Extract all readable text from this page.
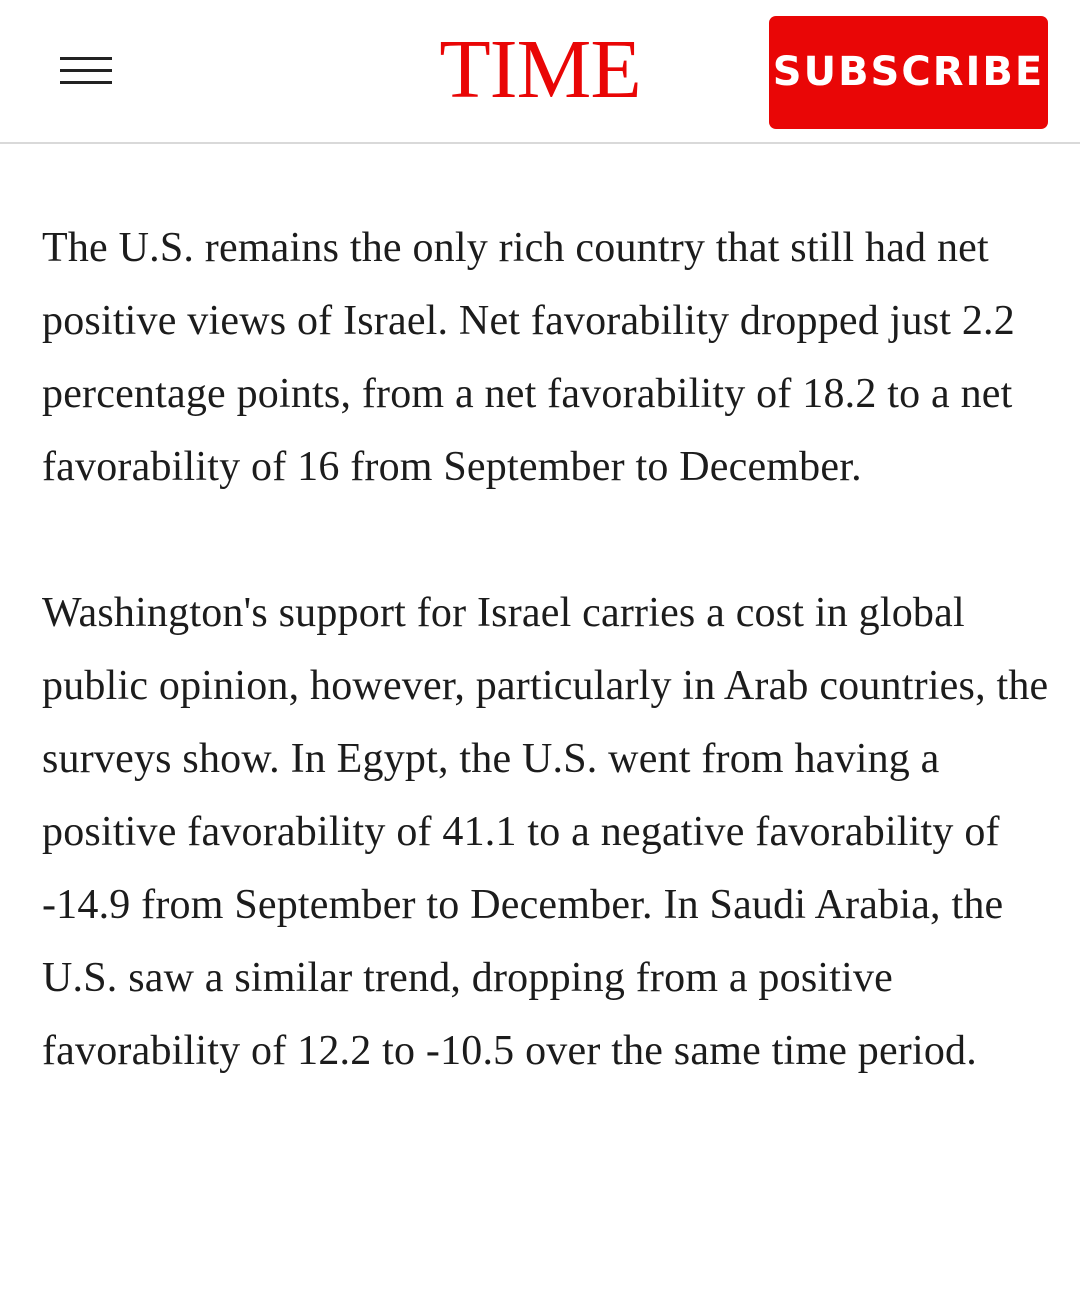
TIME	SUBSCRIBE

The U.S. remains the only rich country that still had net positive views of Israel. Net favorability dropped just 2.2 percentage points, from a net favorability of 18.2 to a net favorability of 16 from September to December.

Washington's support for Israel carries a cost in global public opinion, however, particularly in Arab countries, the surveys show. In Egypt, the U.S. went from having a positive favorability of 41.1 to a negative favorability of -14.9 from September to December. In Saudi Arabia, the U.S. saw a similar trend, dropping from a positive favorability of 12.2 to -10.5 over the same time period.
